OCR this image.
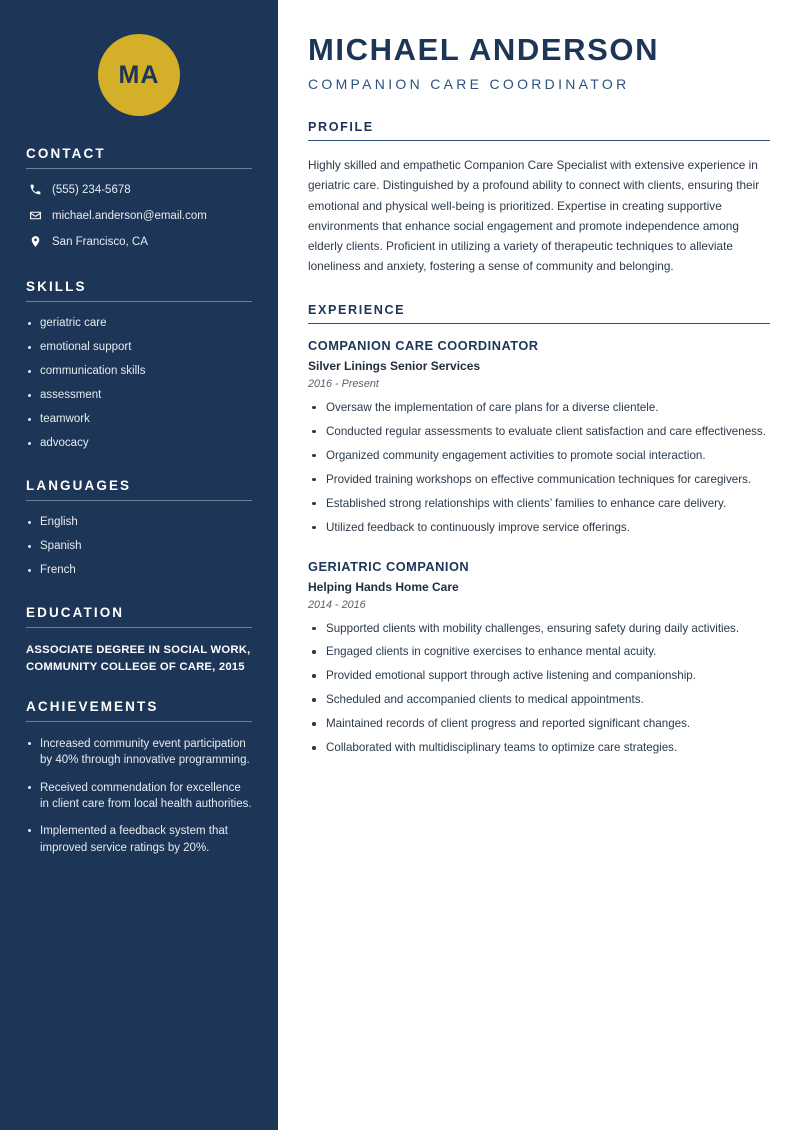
MA
CONTACT
(555) 234-5678
michael.anderson@email.com
San Francisco, CA
SKILLS
geriatric care
emotional support
communication skills
assessment
teamwork
advocacy
LANGUAGES
English
Spanish
French
EDUCATION
ASSOCIATE DEGREE IN SOCIAL WORK, COMMUNITY COLLEGE OF CARE, 2015
ACHIEVEMENTS
Increased community event participation by 40% through innovative programming.
Received commendation for excellence in client care from local health authorities.
Implemented a feedback system that improved service ratings by 20%.
MICHAEL ANDERSON
COMPANION CARE COORDINATOR
PROFILE

Highly skilled and empathetic Companion Care Specialist with extensive experience in geriatric care. Distinguished by a profound ability to connect with clients, ensuring their emotional and physical well-being is prioritized. Expertise in creating supportive environments that enhance social engagement and promote independence among elderly clients. Proficient in utilizing a variety of therapeutic techniques to alleviate loneliness and anxiety, fostering a sense of community and belonging.

EXPERIENCE
COMPANION CARE COORDINATOR
Silver Linings Senior Services
2016 - Present
Oversaw the implementation of care plans for a diverse clientele.
Conducted regular assessments to evaluate client satisfaction and care effectiveness.
Organized community engagement activities to promote social interaction.
Provided training workshops on effective communication techniques for caregivers.
Established strong relationships with clients’ families to enhance care delivery.
Utilized feedback to continuously improve service offerings.
GERIATRIC COMPANION
Helping Hands Home Care
2014 - 2016
Supported clients with mobility challenges, ensuring safety during daily activities.
Engaged clients in cognitive exercises to enhance mental acuity.
Provided emotional support through active listening and companionship.
Scheduled and accompanied clients to medical appointments.
Maintained records of client progress and reported significant changes.
Collaborated with multidisciplinary teams to optimize care strategies.
